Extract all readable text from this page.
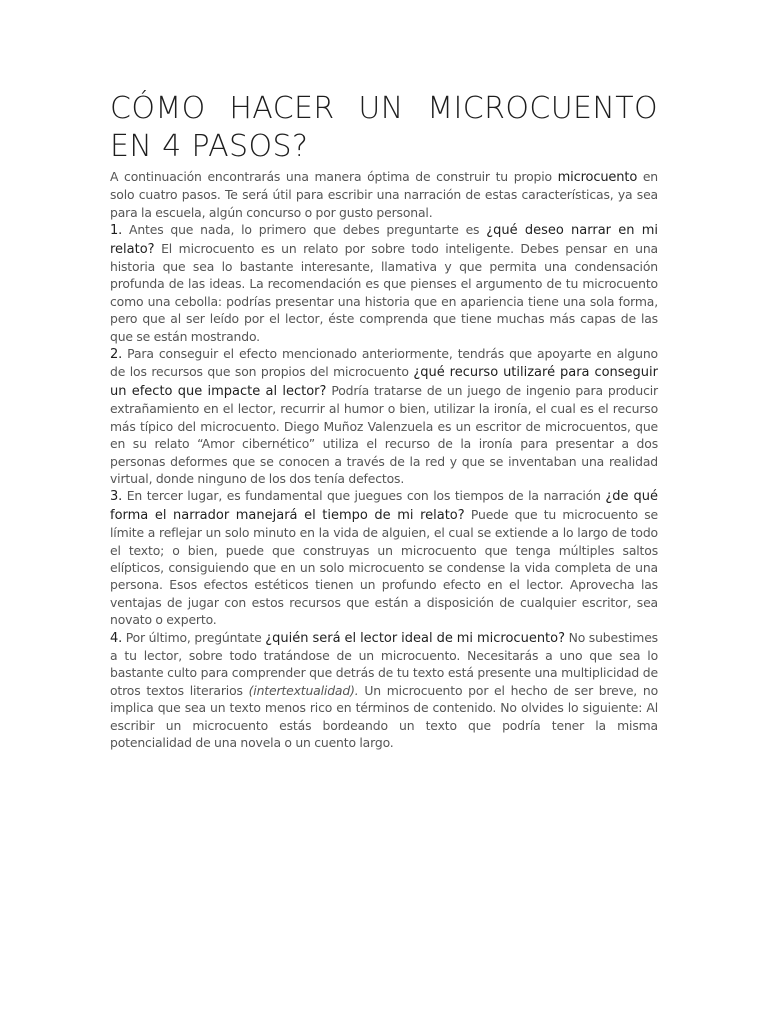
CÓMO HACER UN MICROCUENTO EN 4 PASOS?

A continuación encontrarás una manera óptima de construir tu propio microcuento en solo cuatro pasos. Te será útil para escribir una narración de estas características, ya sea para la escuela, algún concurso o por gusto personal.

1. Antes que nada, lo primero que debes preguntarte es ¿qué deseo narrar en mi relato? El microcuento es un relato por sobre todo inteligente. Debes pensar en una historia que sea lo bastante interesante, llamativa y que permita una condensación profunda de las ideas. La recomendación es que pienses el argumento de tu microcuento como una cebolla: podrías presentar una historia que en apariencia tiene una sola forma, pero que al ser leído por el lector, éste comprenda que tiene muchas más capas de las que se están mostrando.

2. Para conseguir el efecto mencionado anteriormente, tendrás que apoyarte en alguno de los recursos que son propios del microcuento ¿qué recurso utilizaré para conseguir un efecto que impacte al lector? Podría tratarse de un juego de ingenio para producir extrañamiento en el lector, recurrir al humor o bien, utilizar la ironía, el cual es el recurso más típico del microcuento. Diego Muñoz Valenzuela es un escritor de microcuentos, que en su relato “Amor cibernético” utiliza el recurso de la ironía para presentar a dos personas deformes que se conocen a través de la red y que se inventaban una realidad virtual, donde ninguno de los dos tenía defectos.

3. En tercer lugar, es fundamental que juegues con los tiempos de la narración ¿de qué forma el narrador manejará el tiempo de mi relato? Puede que tu microcuento se límite a reflejar un solo minuto en la vida de alguien, el cual se extiende a lo largo de todo el texto; o bien, puede que construyas un microcuento que tenga múltiples saltos elípticos, consiguiendo que en un solo microcuento se condense la vida completa de una persona. Esos efectos estéticos tienen un profundo efecto en el lector. Aprovecha las ventajas de jugar con estos recursos que están a disposición de cualquier escritor, sea novato o experto.

4. Por último, pregúntate ¿quién será el lector ideal de mi microcuento? No subestimes a tu lector, sobre todo tratándose de un microcuento. Necesitarás a uno que sea lo bastante culto para comprender que detrás de tu texto está presente una multiplicidad de otros textos literarios (intertextualidad). Un microcuento por el hecho de ser breve, no implica que sea un texto menos rico en términos de contenido. No olvides lo siguiente: Al escribir un microcuento estás bordeando un texto que podría tener la misma potencialidad de una novela o un cuento largo.
